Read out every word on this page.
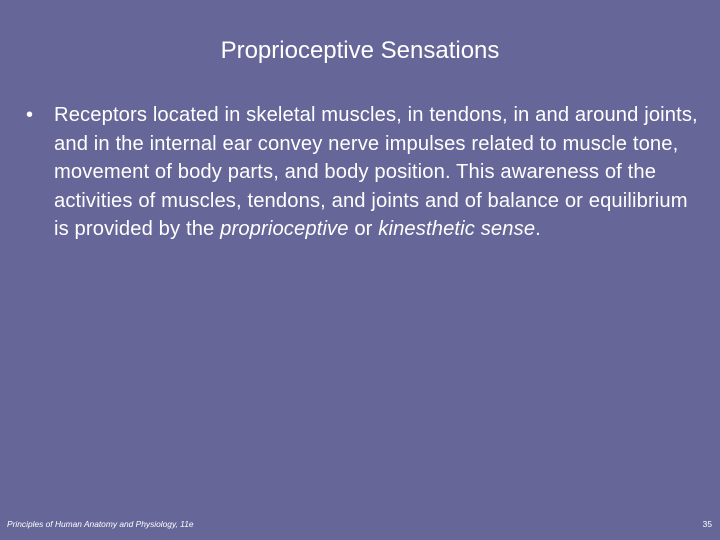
Proprioceptive Sensations
•	Receptors located in skeletal muscles, in tendons, in and around joints, and in the internal ear convey nerve impulses related to muscle tone, movement of body parts, and body position. This awareness of the activities of muscles, tendons, and joints and of balance or equilibrium is provided by the proprioceptive or kinesthetic sense.
Principles of Human Anatomy and Physiology, 11e	35
